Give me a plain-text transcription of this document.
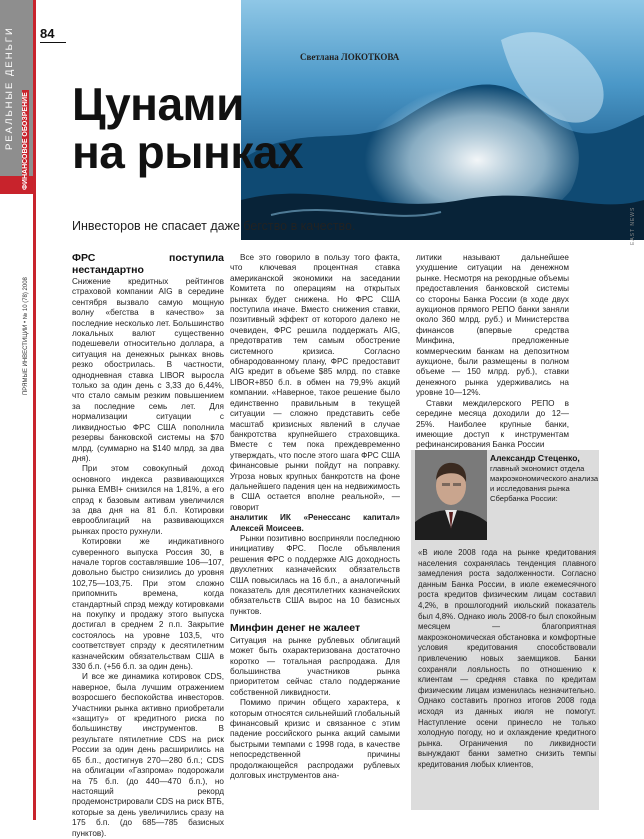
РЕАЛЬНЫЕ ДЕНЬГИ ФИНАНСОВОЕ ОБОЗРЕНИЕ
ПРЯМЫЕ ИНВЕСТИЦИИ • № 10 (78) 2008
84
Светлана ЛОКОТКОВА
Цунами
на рынках
Инвесторов не спасает даже бегство в качество.	EAST NEWS
ФРС поступила нестандартно

Снижение кредитных рейтингов страховой компании AIG в середине сентября вызвало самую мощную волну «бегства в качество» за последние несколько лет. Большинство локальных валют существенно подешевели относительно доллара, а ситуация на денежных рынках вновь резко обострилась. В частности, однодневная ставка LIBOR выросла только за один день с 3,33 до 6,44%, что стало самым резким повышением за последние семь лет. Для нормализации ситуации с ликвидностью ФРС США пополнила резервы банковской системы на $70 млрд. (суммарно на $140 млрд. за два дня).

При этом совокупный доход основного индекса развивающихся рынка EMBI+ снизился на 1,81%, а его спрэд к базовым активам увеличился за два дня на 81 б.п. Котировки еврооблигаций на развивающихся рынках просто рухнули.

Котировки же индикативного суверенного выпуска Россия 30, в начале торгов составлявшие 106—107, довольно быстро снизились до уровня 102,75—103,75. При этом сложно припомнить времена, когда стандартный спрэд между котировками на покупку и продажу этого выпуска достигал в среднем 2 п.п. Закрытие состоялось на уровне 103,5, что соответствует спрэду к десятилетним казначейским обязательствам США в 330 б.п. (+56 б.п. за один день).

И все же динамика котировок CDS, наверное, была лучшим отражением возросшего беспокойства инвесторов. Участники рынка активно приобретали «защиту» от кредитного риска по большинству инструментов. В результате пятилетние CDS на риск России за один день расширились на 65 б.п., достигнув 270—280 б.п.; CDS на облигации «Газпрома» подорожали на 75 б.п. (до 440—470 б.п.), но настоящий рекорд продемонстрировали CDS на риск ВТБ, которые за день увеличились сразу на 175 б.п. (до 685—785 базисных пунктов).

Все это говорило в пользу того факта, что ключевая процентная ставка американской экономики на заседании Комитета по операциям на открытых рынках будет снижена. Но ФРС США поступила иначе. Вместо снижения ставки, позитивный эффект от которого далеко не очевиден, ФРС решила поддержать AIG, предотвратив тем самым обострение системного кризиса. Согласно обнародованному плану, ФРС предоставит AIG кредит в объеме $85 млрд. по ставке LIBOR+850 б.п. в обмен на 79,9% акций компании. «Наверное, такое решение было единственно правильным в текущей ситуации — сложно представить себе масштаб кризисных явлений в случае банкротства крупнейшего страховщика. Вместе с тем пока преждевременно утверждать, что после этого шага ФРС США финансовые рынки пойдут на поправку. Угроза новых крупных банкротств на фоне дальнейшего падения цен на недвижимость в США остается вполне реальной», — говорит

аналитик ИК «Ренессанс капитал» Алексей Моисеев.

Рынки позитивно восприняли последнюю инициативу ФРС. После объявления решения ФРС о поддержке AIG доходность двухлетних казначейских обязательств США повысилась на 16 б.п., а аналогичный показатель для десятилетних казначейских обязательств США вырос на 10 базисных пунктов.

Минфин денег не жалеет

Ситуация на рынке рублевых облигаций может быть охарактеризована достаточно коротко — тотальная распродажа. Для большинства участников рынка приоритетом сейчас стало поддержание собственной ликвидности.

Помимо причин общего характера, к которым относятся сильнейший глобальный финансовый кризис и связанное с этим падение российского рынка акций самыми быстрыми темпами с 1998 года, в качестве непосредственной причины продолжающейся распродажи рублевых долговых инструментов ана-

литики называют дальнейшее ухудшение ситуации на денежном рынке. Несмотря на рекордные объемы предоставления банковской системы со стороны Банка России (в ходе двух аукционов прямого РЕПО банки заняли около 360 млрд. руб.) и Министерства финансов (впервые средства Минфина, предложенные коммерческим банкам на депозитном аукционе, были размещены в полном объеме — 150 млрд. руб.), ставки денежного рынка удерживались на уровне 10—12%.

Ставки междилерского РЕПО в середине месяца доходили до 12—25%. Наиболее крупные банки, имеющие доступ к инструментам рефинансирования Банка России

Александр Стеценко,
главный экономист отдела макроэкономического анализа и исследования рынка Сбербанка России:
«В июле 2008 года на рынке кредитования населения сохранялась тенденция плавного замедления роста задолженности. Согласно данным Банка России, в июле ежемесячного роста кредитов физическим лицам составил 4,2%, в прошлогодний июльский показатель был 4,8%. Однако июль 2008-го был спокойным месяцем — благоприятная макроэкономическая обстановка и комфортные условия кредитования способствовали привлечению новых заемщиков. Банки сохраняли лояльность по отношению к клиентам — средняя ставка по кредитам физическим лицам изменилась незначительно. Однако составить прогноз итогов 2008 года исходя из данных июля не помогут. Наступление осени принесло не только холодную погоду, но и охлаждение кредитного рынка. Ограничения по ликвидности вынуждают банки заметно снизить темпы кредитования любых клиентов,
